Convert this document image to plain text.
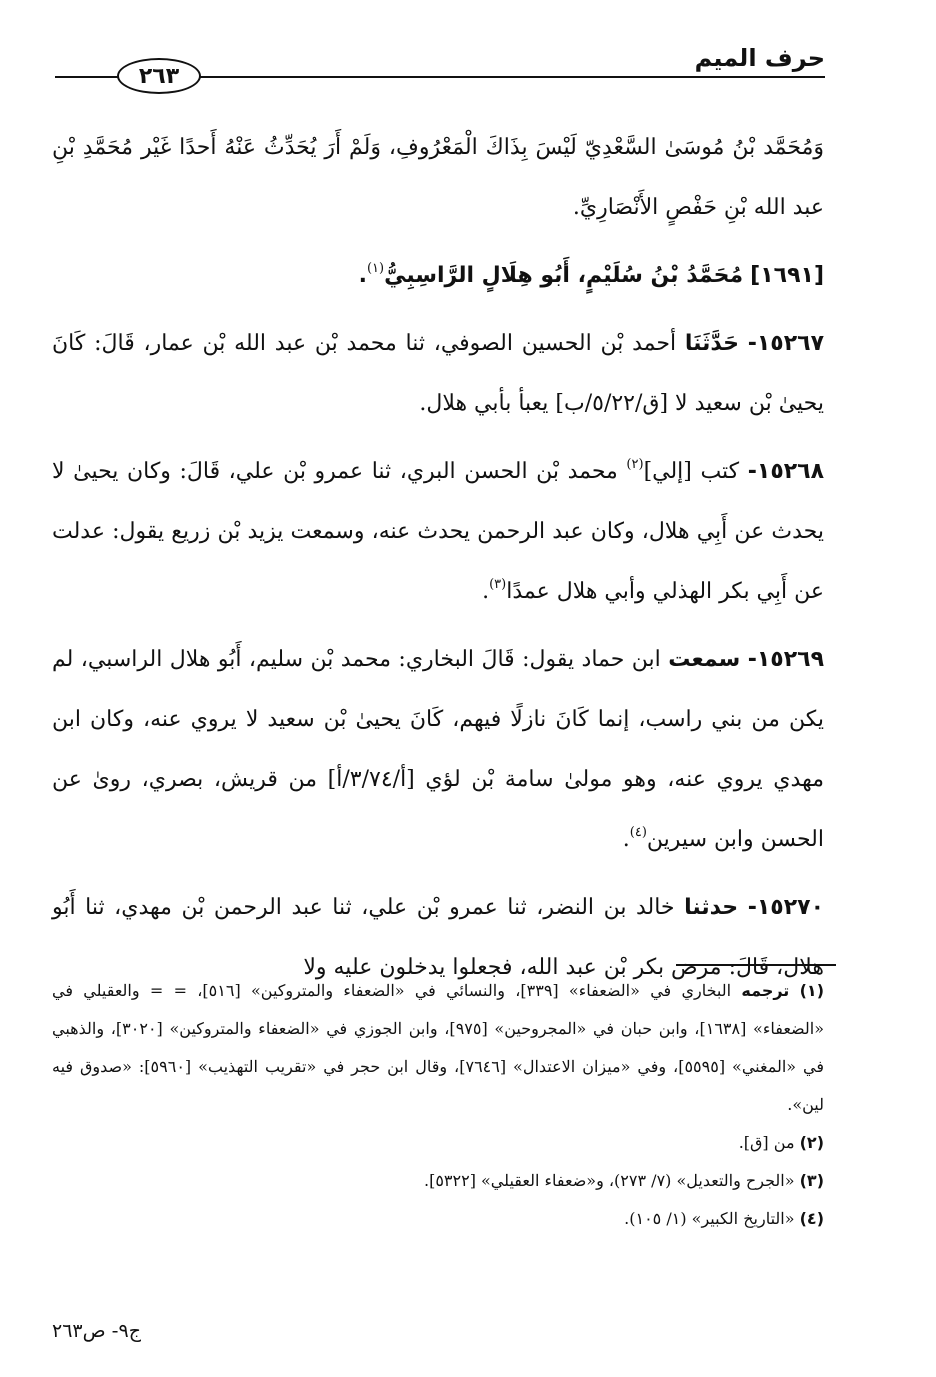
حرف الميم
٢٦٣

وَمُحَمَّد بْنُ مُوسَىٰ السَّعْدِيّ لَيْسَ بِذَاكَ الْمَعْرُوفِ، وَلَمْ أَرَ يُحَدِّثُ عَنْهُ أَحدًا غَيْر مُحَمَّدِ بْنِ عبد الله بْنِ حَفْصٍ الأَنْصَارِيِّ.

[١٦٩١] مُحَمَّدُ بْنُ سُلَيْمٍ، أَبُو هِلَالٍ الرَّاسِبِيُّ$^{(١)}$.

١٥٢٦٧- حَدَّثَنَا أحمد بْن الحسين الصوفي، ثنا محمد بْن عبد الله بْن عمار، قَالَ: كَانَ يحيىٰ بْن سعيد لا [ق/٥/٢٢/ب] يعبأ بأبي هلال.

١٥٢٦٨- كتب [إلي]$^{(٢)}$ محمد بْن الحسن البري، ثنا عمرو بْن علي، قَالَ: وكان يحيىٰ لا يحدث عن أَبِي هلال، وكان عبد الرحمن يحدث عنه، وسمعت يزيد بْن زريع يقول: عدلت عن أَبِي بكر الهذلي وأبي هلال عمدًا$^{(٣)}$.

١٥٢٦٩- سمعت ابن حماد يقول: قَالَ البخاري: محمد بْن سليم، أَبُو هلال الراسبي، لم يكن من بني راسب، إنما كَانَ نازلًا فيهم، كَانَ يحيىٰ بْن سعيد لا يروي عنه، وكان ابن مهدي يروي عنه، وهو مولىٰ سامة بْن لؤي [أ/٣/٧٤/أ] من قريش، بصري، روىٰ عن الحسن وابن سيرين$^{(٤)}$.

١٥٢٧٠- حدثنا خالد بن النضر، ثنا عمرو بْن علي، ثنا عبد الرحمن بْن مهدي، ثنا أَبُو هلال، قَالَ: مرض بكر بْن عبد الله، فجعلوا يدخلون عليه ولا

(١) ترجمه البخاري في «الضعفاء» [٣٣٩]، والنسائي في «الضعفاء والمتروكين» [٥١٦]، = = والعقيلي في «الضعفاء» [١٦٣٨]، وابن حبان في «المجروحين» [٩٧٥]، وابن الجوزي في «الضعفاء والمتروكين» [٣٠٢٠]، والذهبي في «المغني» [٥٥٩٥]، وفي «ميزان الاعتدال» [٧٦٤٦]، وقال ابن حجر في «تقريب التهذيب» [٥٩٦٠]: «صدوق فيه لين».

(٢) من [ق].

(٣) «الجرح والتعديل» (٧/ ٢٧٣)، و«ضعفاء العقيلي» [٥٣٢٢].

(٤) «التاريخ الكبير» (١/ ١٠٥).

ج٩- ص٢٦٣
